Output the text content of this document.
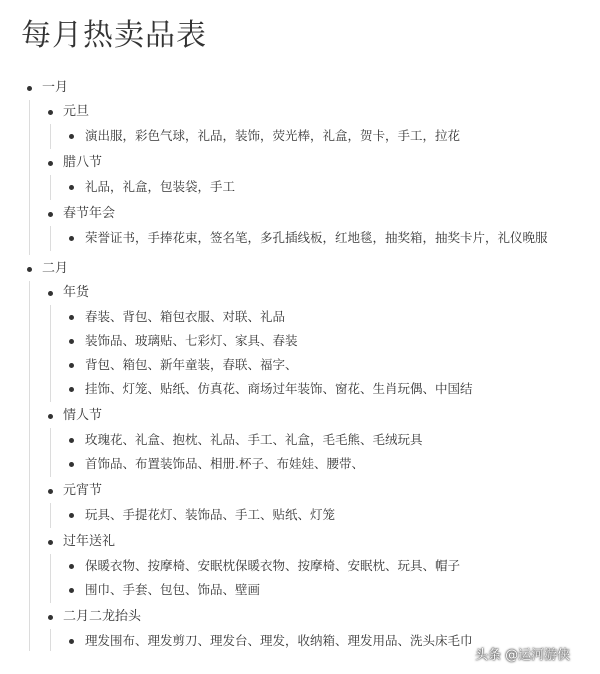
每月热卖品表
一月
元旦
演出服，彩色气球，礼品，装饰，荧光棒，礼盒，贺卡，手工，拉花
腊八节
礼品，礼盒，包装袋，手工
春节年会
荣誉证书，手捧花束，签名笔，多孔插线板，红地毯，抽奖箱，抽奖卡片，礼仪晚服
二月
年货
春装、背包、箱包衣服、对联、礼品
装饰品、玻璃贴、七彩灯、家具、春装
背包、箱包、新年童装，春联、福字、
挂饰、灯笼、贴纸、仿真花、商场过年装饰、窗花、生肖玩偶、中国结
情人节
玫瑰花、礼盒、抱枕、礼品、手工、礼盒，毛毛熊、毛绒玩具
首饰品、布置装饰品、相册.杯子、布娃娃、腰带、
元宵节
玩具、手提花灯、装饰品、手工、贴纸、灯笼
过年送礼
保暖衣物、按摩椅、安眠枕保暖衣物、按摩椅、安眠枕、玩具、帽子
围巾、手套、包包、饰品、壁画
二月二龙抬头
理发围布、理发剪刀、理发台、理发，收纳箱、理发用品、洗头床毛巾
头条 @运河游侠
